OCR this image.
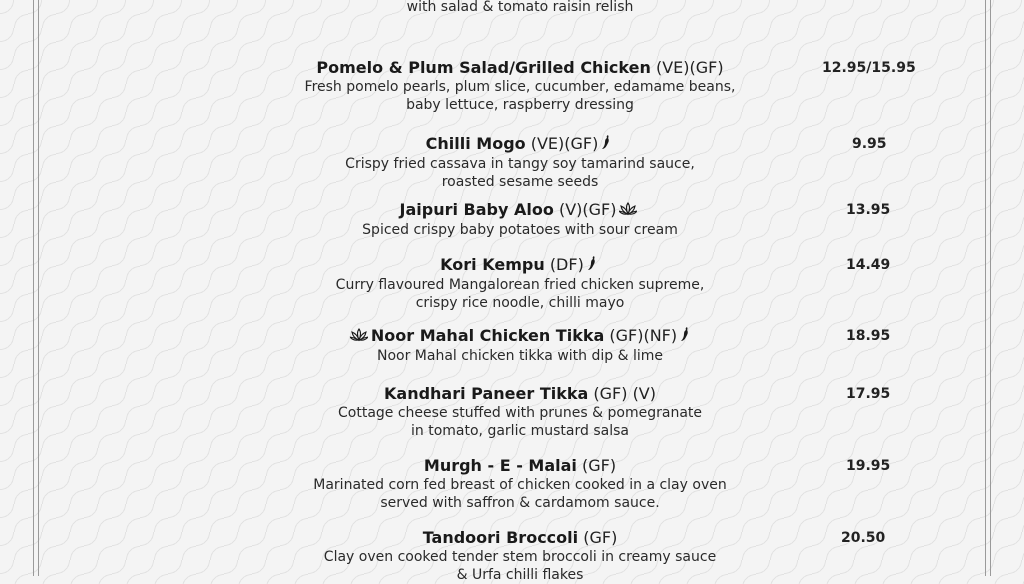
with salad & tomato raisin relish
Pomelo & Plum Salad/Grilled Chicken (VE)(GF)
Fresh pomelo pearls, plum slice, cucumber, edamame beans,
baby lettuce, raspberry dressing
12.95/15.95
Chilli Mogo (VE)(GF)
Crispy fried cassava in tangy soy tamarind sauce,
roasted sesame seeds
9.95
Jaipuri Baby Aloo (V)(GF)
Spiced crispy baby potatoes with sour cream
13.95
Kori Kempu (DF)
Curry flavoured Mangalorean fried chicken supreme,
crispy rice noodle, chilli mayo
14.49
Noor Mahal Chicken Tikka (GF)(NF)
Noor Mahal chicken tikka with dip & lime
18.95
Kandhari Paneer Tikka (GF) (V)
Cottage cheese stuffed with prunes & pomegranate
in tomato, garlic mustard salsa
17.95
Murgh - E - Malai (GF)
Marinated corn fed breast of chicken cooked in a clay oven
served with saffron & cardamom sauce.
19.95
Tandoori Broccoli (GF)
Clay oven cooked tender stem broccoli in creamy sauce
& Urfa chilli flakes
20.50
